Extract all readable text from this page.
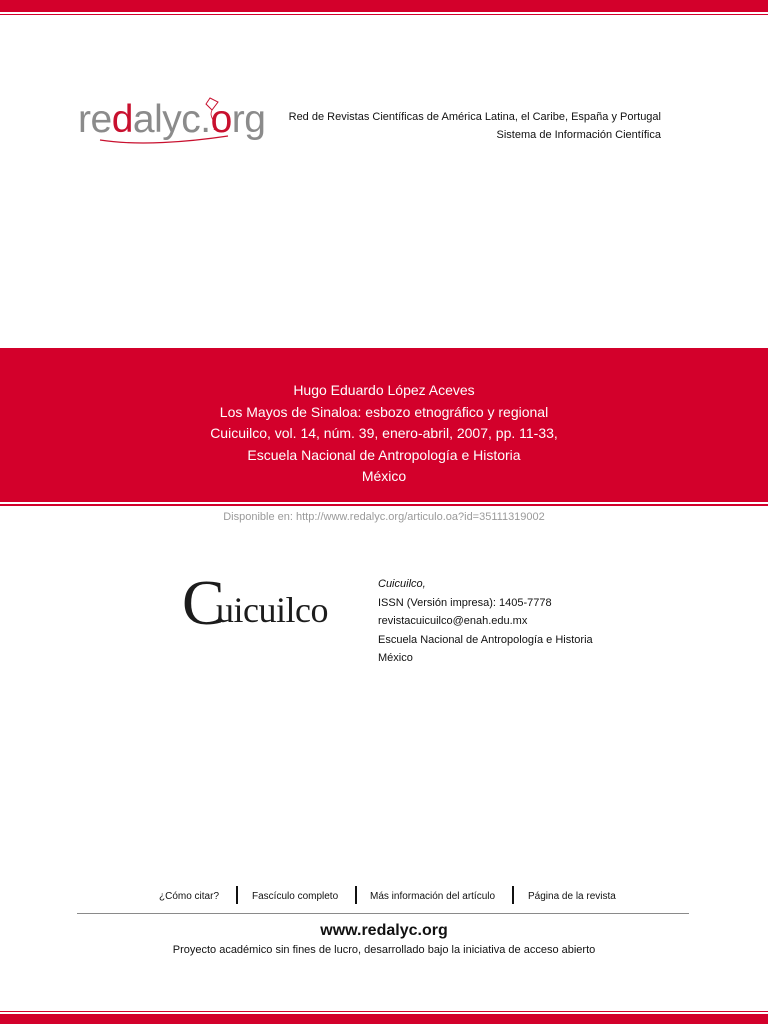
redalyc.org Red de Revistas Científicas de América Latina, el Caribe, España y Portugal
Sistema de Información Científica
Hugo Eduardo López Aceves
Los Mayos de Sinaloa: esbozo etnográfico y regional
Cuicuilco, vol. 14, núm. 39, enero-abril, 2007, pp. 11-33,
Escuela Nacional de Antropología e Historia
México
Disponible en: http://www.redalyc.org/articulo.oa?id=35111319002
C
uicuilco
Cuicuilco,
ISSN (Versión impresa): 1405-7778
revistacuicuilco@enah.edu.mx
Escuela Nacional de Antropología e Historia
México
¿Cómo citar?	Fascículo completo	Más información del artículo	Página de la revista
www.redalyc.org
Proyecto académico sin fines de lucro, desarrollado bajo la iniciativa de acceso abierto
